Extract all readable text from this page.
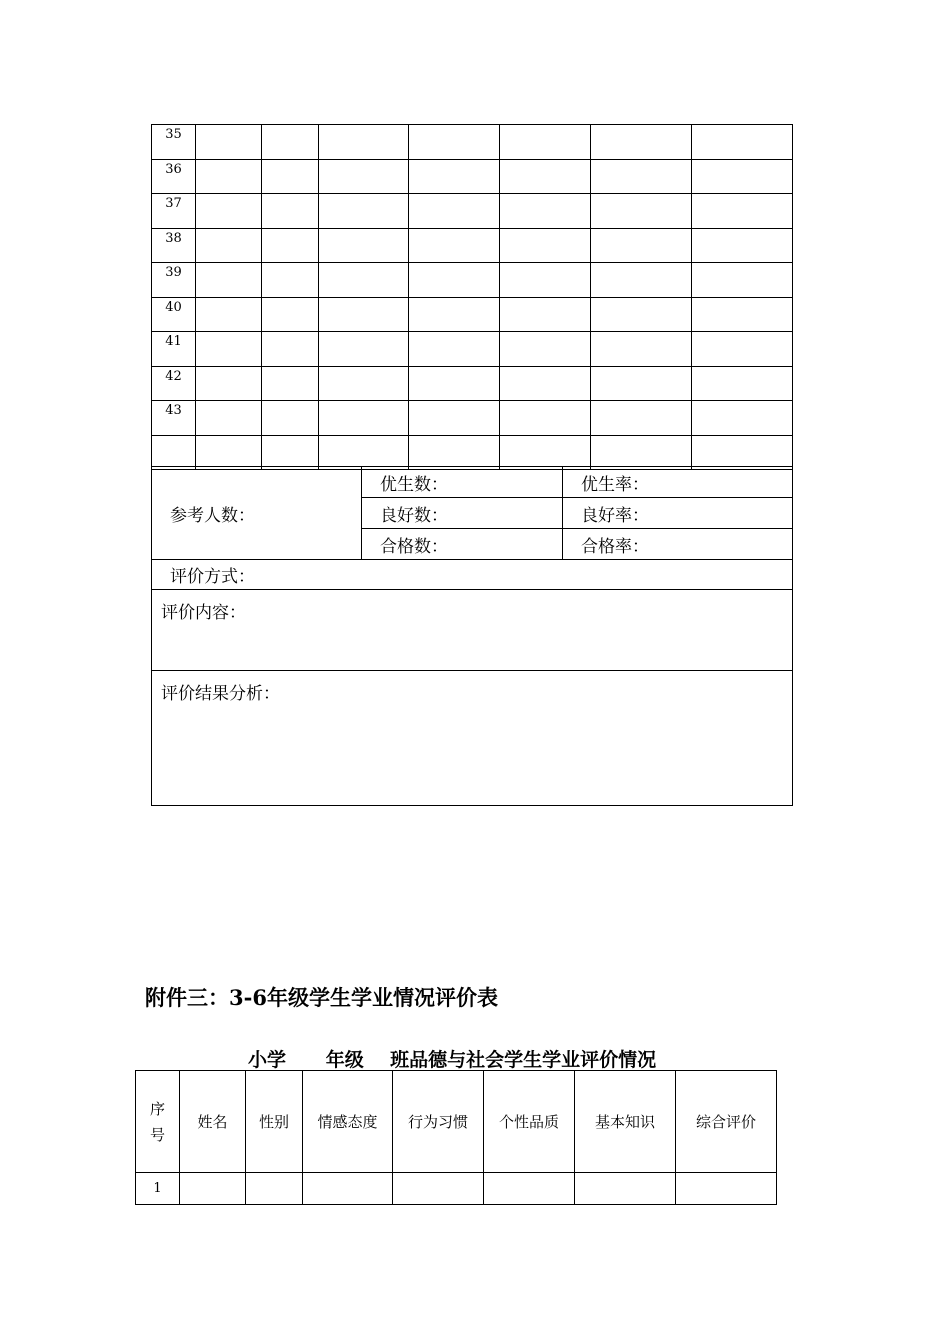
35							
36							
37							
38							
39							
40							
41							
42							
43							

参考人数：	优生数：	优生率：
	良好数：	良好率：
	合格数：	合格率：
评价方式：		
评价内容：		
评价结果分析：		
附件三：3-6年级学生学业情况评价表
小学      年级    班品德与社会学生学业评价情况
序号	姓名	性别	情感态度	行为习惯	个性品质	基本知识	综合评价
1							
